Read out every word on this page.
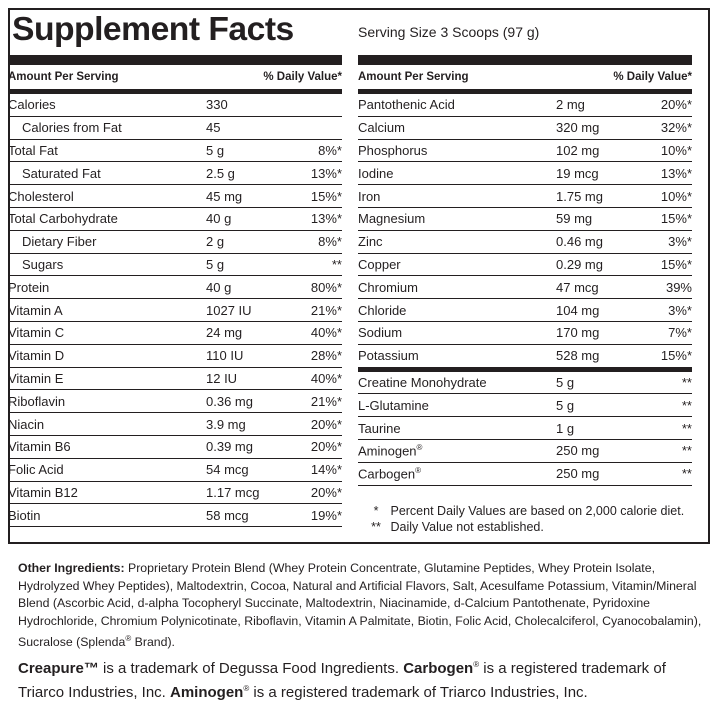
Supplement Facts	Serving Size 3 Scoops (97 g)
Amount Per Serving	% Daily Value*
Calories	330
Calories from Fat	45
Total Fat	5 g	8%*
Saturated Fat	2.5 g	13%*
Cholesterol	45 mg	15%*
Total Carbohydrate	40 g	13%*
Dietary Fiber	2 g	8%*
Sugars	5 g	**
Protein	40 g	80%*
Vitamin A	1027 IU	21%*
Vitamin C	24 mg	40%*
Vitamin D	110 IU	28%*
Vitamin E	12 IU	40%*
Riboflavin	0.36 mg	21%*
Niacin	3.9 mg	20%*
Vitamin B6	0.39 mg	20%*
Folic Acid	54 mcg	14%*
Vitamin B12	1.17 mcg	20%*
Biotin	58 mcg	19%*
Amount Per Serving	% Daily Value*
Pantothenic Acid	2 mg	20%*
Calcium	320 mg	32%*
Phosphorus	102 mg	10%*
Iodine	19 mcg	13%*
Iron	1.75 mg	10%*
Magnesium	59 mg	15%*
Zinc	0.46 mg	3%*
Copper	0.29 mg	15%*
Chromium	47 mcg	39%
Chloride	104 mg	3%*
Sodium	170 mg	7%*
Potassium	528 mg	15%*
Creatine Monohydrate	5 g	**
L-Glutamine	5 g	**
Taurine	1 g	**
Aminogen®	250 mg	**
Carbogen®	250 mg	**
* Percent Daily Values are based on 2,000 calorie diet.
** Daily Value not established.
Other Ingredients: Proprietary Protein Blend (Whey Protein Concentrate, Glutamine Peptides, Whey Protein Isolate, Hydrolyzed Whey Peptides), Maltodextrin, Cocoa, Natural and Artificial Flavors, Salt, Acesulfame Potassium, Vitamin/Mineral Blend (Ascorbic Acid, d-alpha Tocopheryl Succinate, Maltodextrin, Niacinamide, d-Calcium Pantothenate, Pyridoxine Hydrochloride, Chromium Polynicotinate, Riboflavin, Vitamin A Palmitate, Biotin, Folic Acid, Cholecalciferol, Cyanocobalamin), Sucralose (Splenda® Brand).
Creapure™ is a trademark of Degussa Food Ingredients. Carbogen® is a registered trademark of Triarco Industries, Inc. Aminogen® is a registered trademark of Triarco Industries, Inc.
